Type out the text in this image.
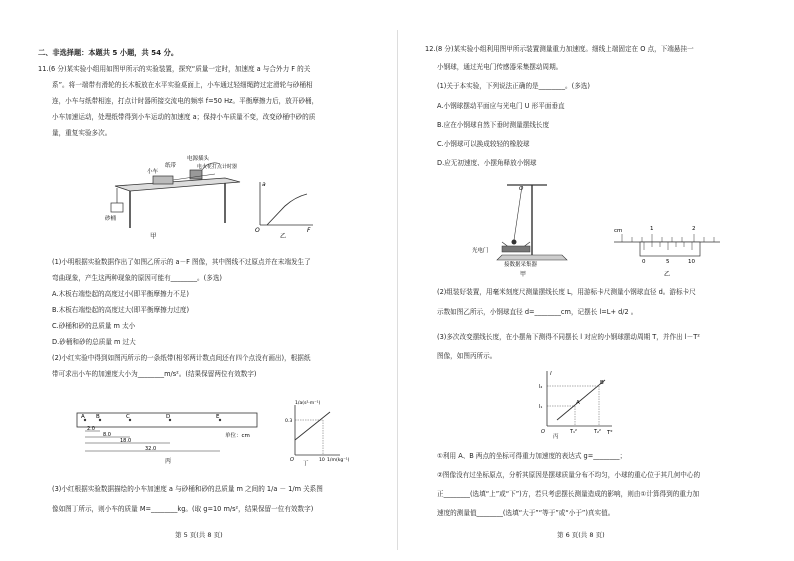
二、非选择题：本题共 5 小题，共 54 分。
11.(6 分)某实验小组用如图甲所示的实验装置，探究“质量一定时，加速度 a 与合外力 F 的关
系”。将一端带有滑轮的长木板放在水平实验桌面上，小车通过轻细绳跨过定滑轮与砂桶相
连，小车与纸带相连，打点计时器所接交流电的频率 f=50 Hz。平衡摩擦力后，放开砂桶，
小车加速运动，处理纸带得到小车运动的加速度 a；保持小车质量不变，改变砂桶中砂的质
量，重复实验多次。
砂桶
小车
纸带
电源插头
电火花打点计时器
甲
a
F
O
乙
(1)小明根据实验数据作出了如图乙所示的 a－F 图像，其中图线不过原点并在末端发生了
弯曲现象，产生这两种现象的原因可能有________。(多选)
A.木板右端垫起的高度过小(即平衡摩擦力不足)
B.木板右端垫起的高度过大(即平衡摩擦力过度)
C.砂桶和砂的总质量 m 太小
D.砂桶和砂的总质量 m 过大
(2)小红实验中得到如图丙所示的一条纸带(相邻两计数点间还有四个点没有画出)，根据纸
带可求出小车的加速度大小为________m/s²。(结果保留两位有效数字)
A B	C	D	E
2.0
8.0
18.0
32.0
单位：cm
丙
1/a(s²·m⁻¹)
0.3
10 1/m(kg⁻¹)
O
丁
(3)小红根据实验数据描绘的小车加速度 a 与砂桶和砂的总质量 m 之间的 1/a － 1/m 关系图
像如图丁所示，则小车的质量 M=________kg。(取 g=10 m/s²，结果保留一位有效数字)
第 5 页(共 8 页)
12.(8 分)某实验小组利用图甲所示装置测量重力加速度。细线上端固定在 O 点，下端悬挂一
小钢球，通过光电门传感器采集摆动周期。
(1)关于本实验，下列说法正确的是________。(多选)
A.小钢球摆动平面应与光电门 U 形平面垂直
B.应在小钢球自然下垂时测量摆线长度
C.小钢球可以换成较轻的橡胶球
D.应无初速度、小摆角释放小钢球
O
光电门
接数据采集器
甲
cm	1	2
0	5	10
乙
(2)组装好装置，用毫米刻度尺测量摆线长度 L，用游标卡尺测量小钢球直径 d。游标卡尺
示数如图乙所示，小钢球直径 d=________cm，记摆长 l=L+ d/2 。
(3)多次改变摆线长度，在小摆角下测得不同摆长 l 对应的小钢球摆动周期 T，并作出 l－T²
图像，如图丙所示。
l
T²
A
B
l₁
l₂
T₁²	T₂²
O
丙
①利用 A、B 两点的坐标可得重力加速度的表达式 g=________；
②图像没有过坐标原点，分析其原因是摆球质量分布不均匀，小球的重心位于其几何中心的
正________(选填“上”或“下”)方，若只考虑摆长测量造成的影响，则由①计算得到的重力加
速度的测量值________(选填“大于”“等于”或“小于”)真实值。
第 6 页(共 8 页)
